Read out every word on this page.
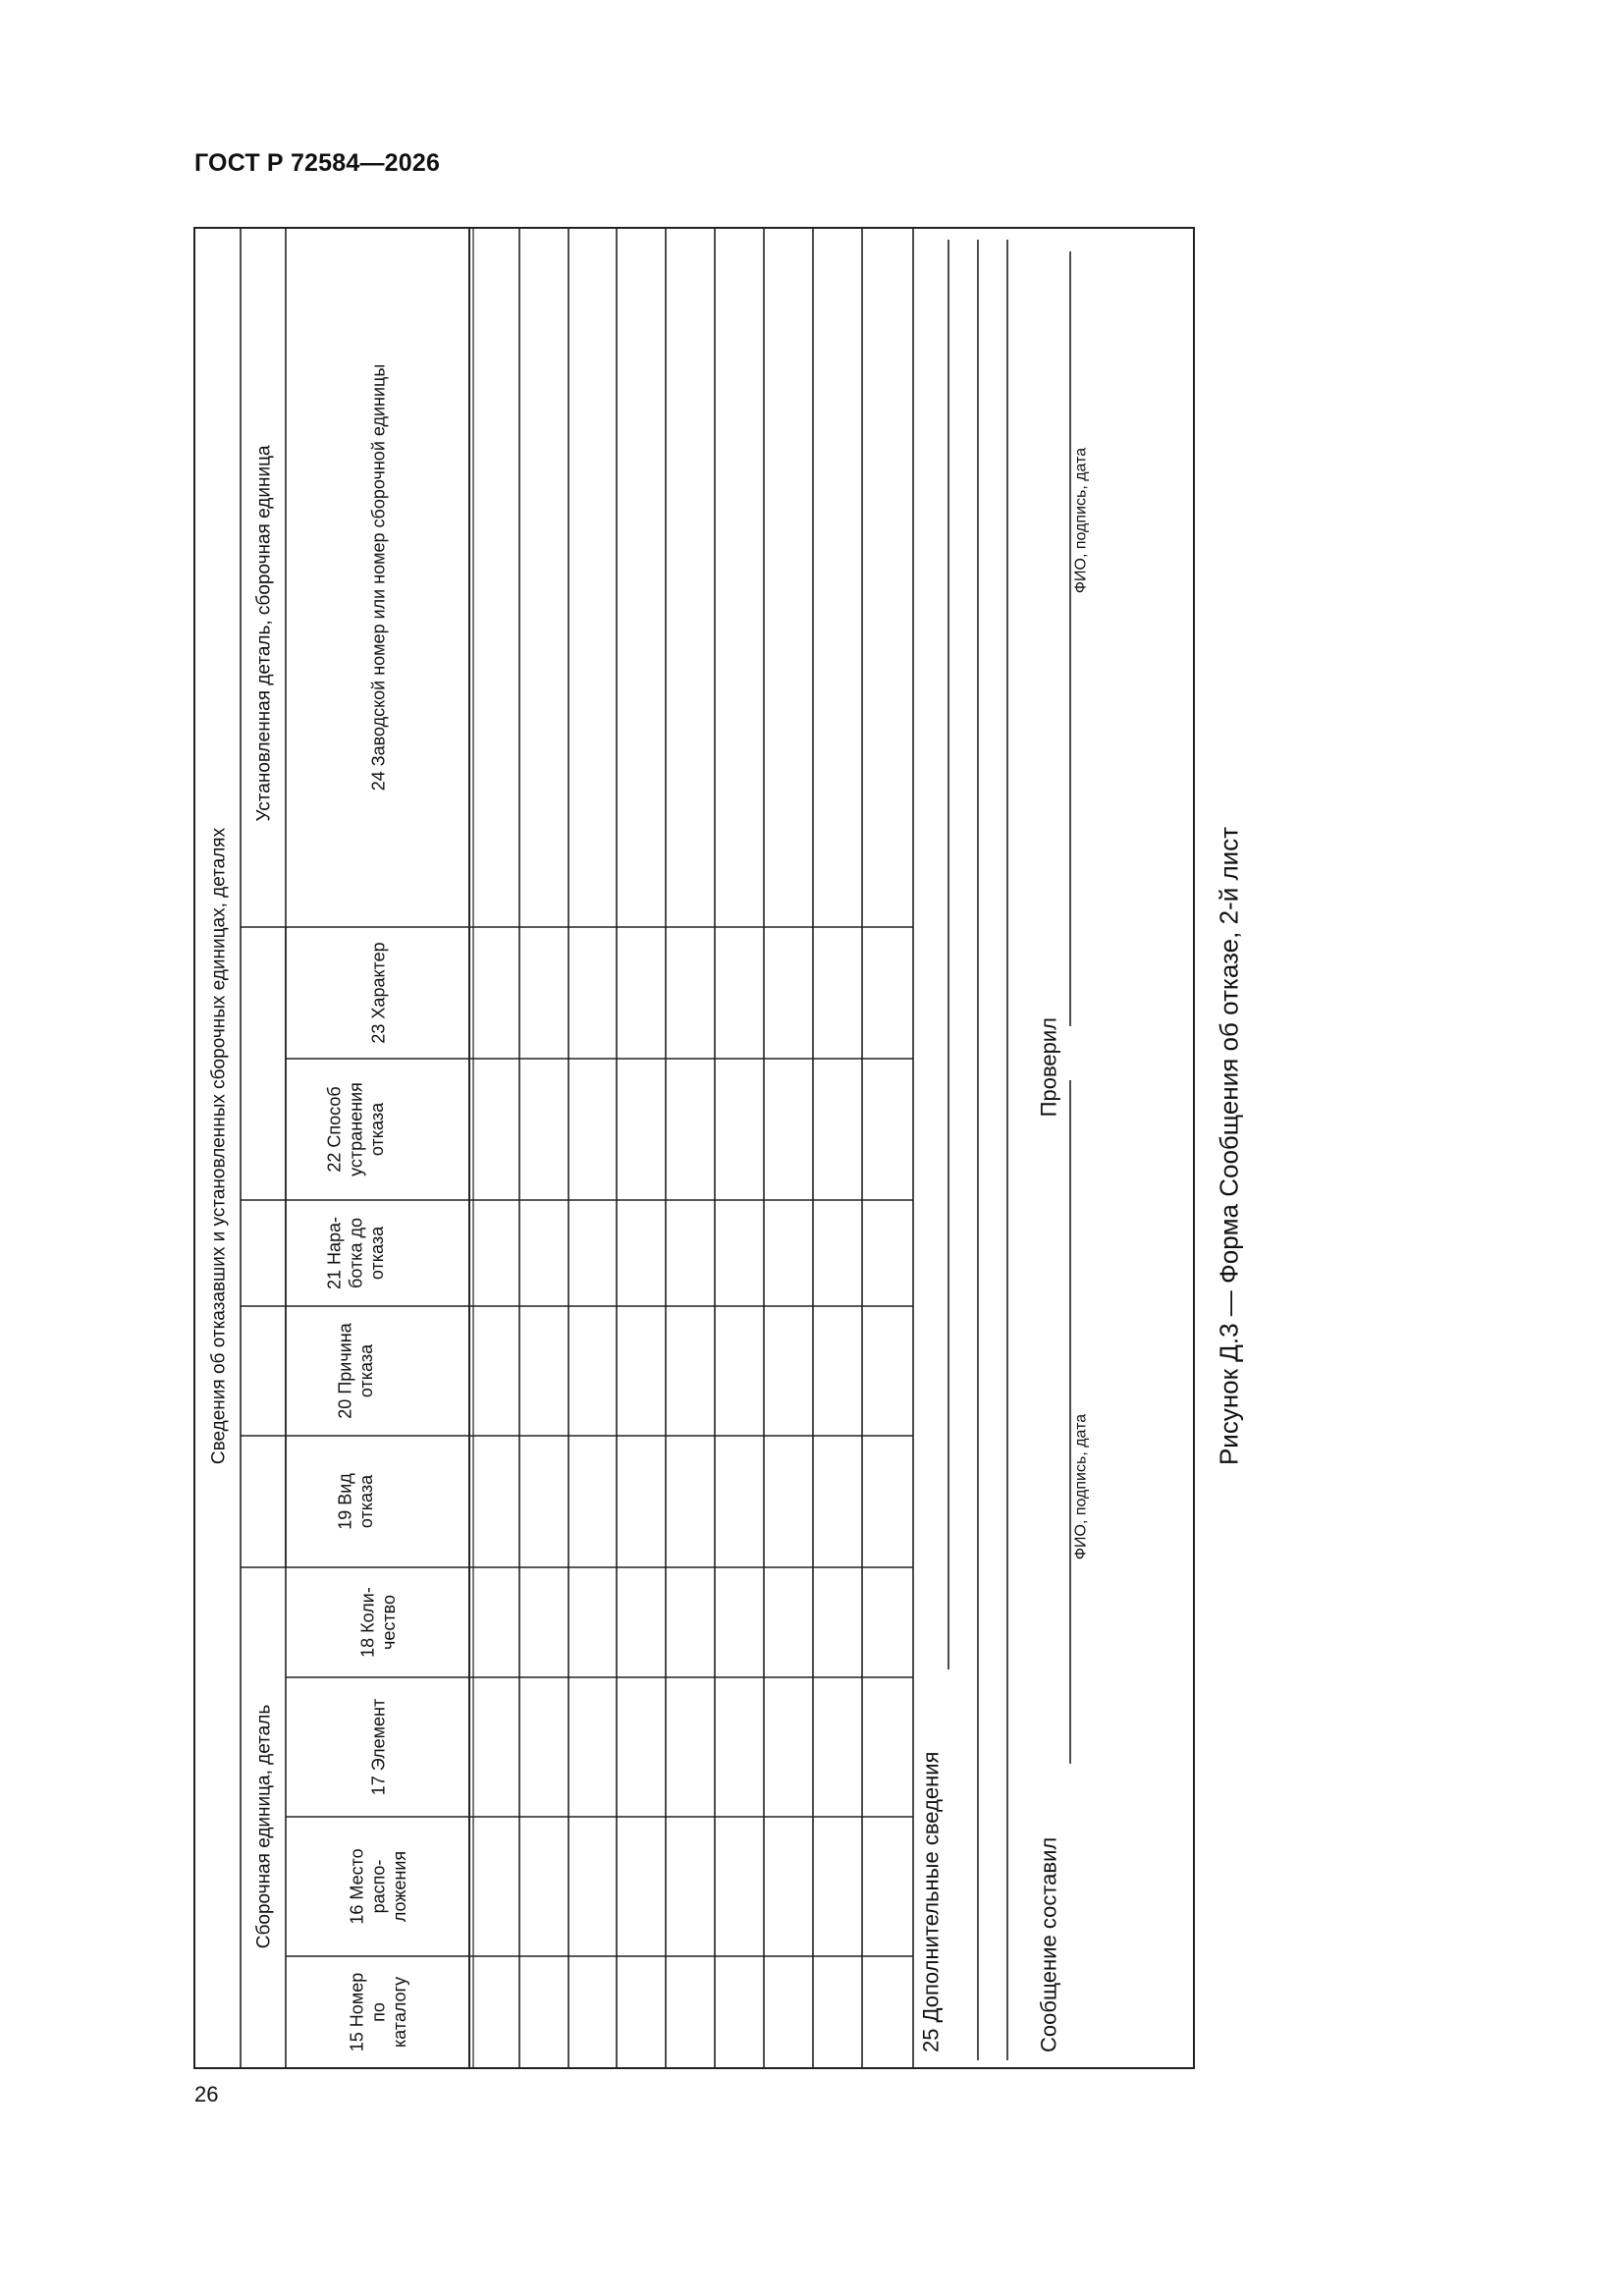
ГОСТ Р 72584—2026
Сведения об отказавших и установленных сборочных единицах, деталях
Сборочная единица, деталь
Установленная деталь, сборочная единица
15 Номерпокаталогу
16 Местораспо-ложения
17 Элемент
18 Коли-чество
19 Видотказа
20 Причинаотказа
21 Нара-ботка доотказа
22 Способустраненияотказа
23 Характер
24 Заводской номер или номер сборочной единицы
25 Дополнительные сведения	Сообщение составил
Проверил
ФИО, подпись, дата
ФИО, подпись, дата
Рисунок Д.3 — Форма Сообщения об отказе, 2-й лист
26
